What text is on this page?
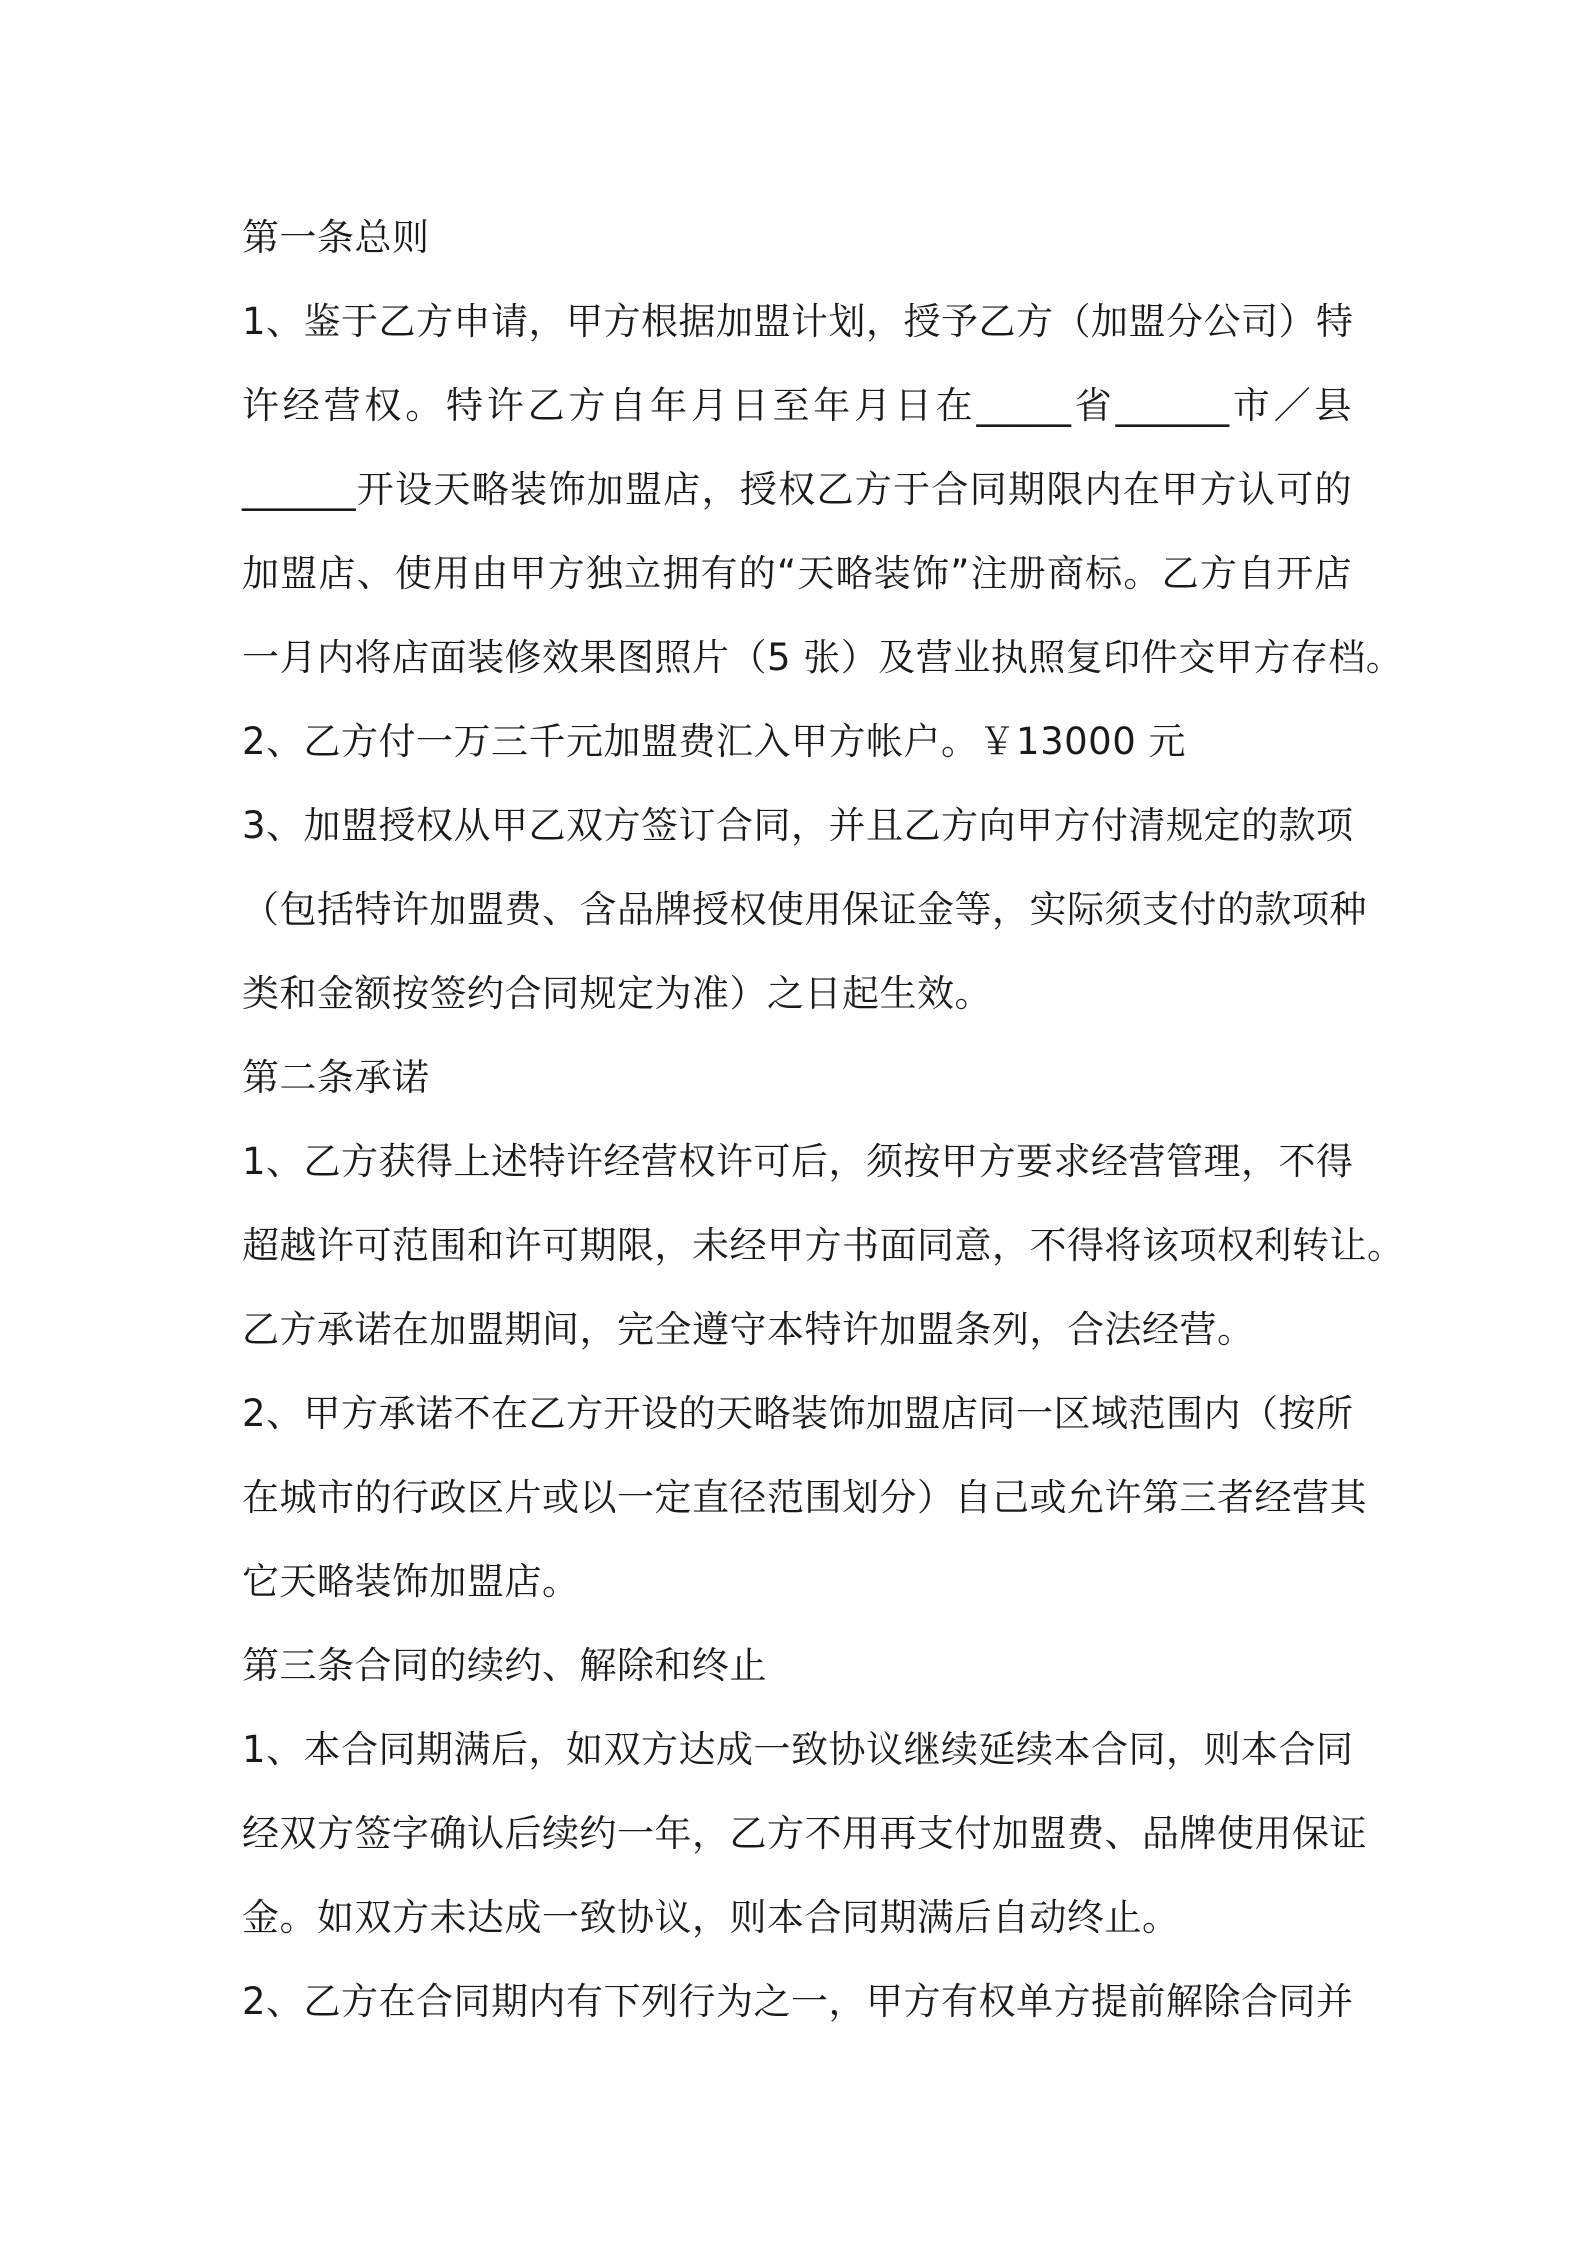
第一条总则
1、鉴于乙方申请，甲方根据加盟计划，授予乙方（加盟分公司）特
许经营权。特许乙方自年月日至年月日在_____省______市／县
______开设天略装饰加盟店，授权乙方于合同期限内在甲方认可的
加盟店、使用由甲方独立拥有的“天略装饰”注册商标。乙方自开店
一月内将店面装修效果图照片（5 张）及营业执照复印件交甲方存档。
2、乙方付一万三千元加盟费汇入甲方帐户。￥13000 元
3、加盟授权从甲乙双方签订合同，并且乙方向甲方付清规定的款项
（包括特许加盟费、含品牌授权使用保证金等，实际须支付的款项种
类和金额按签约合同规定为准）之日起生效。
第二条承诺
1、乙方获得上述特许经营权许可后，须按甲方要求经营管理，不得
超越许可范围和许可期限，未经甲方书面同意，不得将该项权利转让。
乙方承诺在加盟期间，完全遵守本特许加盟条列，合法经营。
2、甲方承诺不在乙方开设的天略装饰加盟店同一区域范围内（按所
在城市的行政区片或以一定直径范围划分）自己或允许第三者经营其
它天略装饰加盟店。
第三条合同的续约、解除和终止
1、本合同期满后，如双方达成一致协议继续延续本合同，则本合同
经双方签字确认后续约一年，乙方不用再支付加盟费、品牌使用保证
金。如双方未达成一致协议，则本合同期满后自动终止。
2、乙方在合同期内有下列行为之一，甲方有权单方提前解除合同并
